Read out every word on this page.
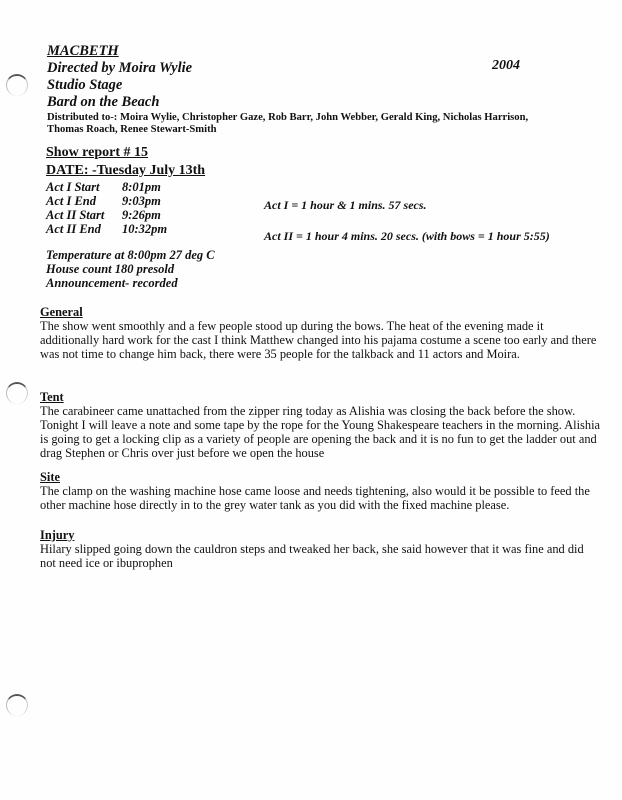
MACBETH
Directed by Moira Wylie
Studio Stage
Bard on the Beach
2004
Distributed to-: Moira Wylie, Christopher Gaze, Rob Barr, John Webber, Gerald King, Nicholas Harrison, Thomas Roach, Renee Stewart-Smith
Show report # 15
DATE: -Tuesday July 13th
Act I Start	8:01pm
Act I End	9:03pm
Act II Start	9:26pm
Act II End	10:32pm
Act I = 1 hour & 1 mins. 57 secs.
Act II = 1 hour 4 mins. 20 secs. (with bows = 1 hour 5:55)
Temperature at 8:00pm 27 deg C
House count 180 presold
Announcement- recorded
General
The show went smoothly and a few people stood up during the bows. The heat of the evening made it additionally hard work for the cast I think Matthew changed into his pajama costume a scene too early and there was not time to change him back, there were 35 people for the talkback and 11 actors and Moira.
Tent
The carabineer came unattached from the zipper ring today as Alishia was closing the back before the show. Tonight I will leave a note and some tape by the rope for the Young Shakespeare teachers in the morning. Alishia is going to get a locking clip as a variety of people are opening the back and it is no fun to get the ladder out and drag Stephen or Chris over just before we open the house
Site
The clamp on the washing machine hose came loose and needs tightening, also would it be possible to feed the other machine hose directly in to the grey water tank as you did with the fixed machine please.
Injury
Hilary slipped going down the cauldron steps and tweaked her back, she said however that it was fine and did not need ice or ibuprophen
